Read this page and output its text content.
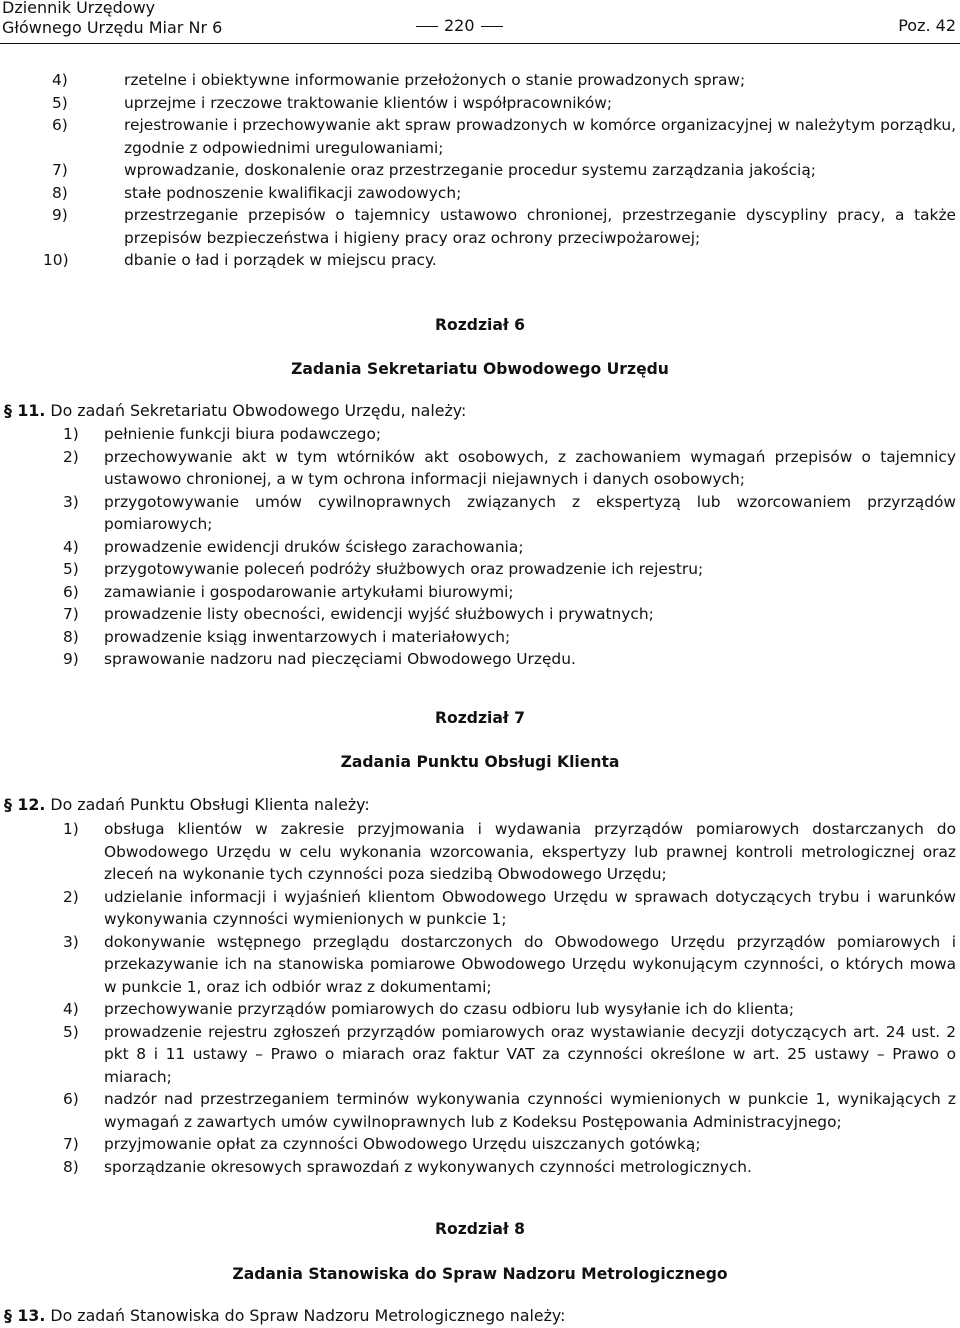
Dziennik Urzędowy
Głównego Urzędu Miar Nr 6	220	Poz. 42
4)	rzetelne i obiektywne informowanie przełożonych o stanie prowadzonych spraw;
5)	uprzejme i rzeczowe traktowanie klientów i współpracowników;
6)	rejestrowanie i przechowywanie akt spraw prowadzonych w komórce organizacyjnej w należytym porządku, zgodnie z odpowiednimi uregulowaniami;
7)	wprowadzanie, doskonalenie oraz przestrzeganie procedur systemu zarządzania jakością;
8)	stałe podnoszenie kwalifikacji zawodowych;
9)	przestrzeganie przepisów o tajemnicy ustawowo chronionej, przestrzeganie dyscypliny pracy, a także przepisów bezpieczeństwa i higieny pracy oraz ochrony przeciwpożarowej;
10)	dbanie o ład i porządek w miejscu pracy.
Rozdział 6
Zadania Sekretariatu Obwodowego Urzędu
§ 11. Do zadań Sekretariatu Obwodowego Urzędu, należy:
1) pełnienie funkcji biura podawczego;
2) przechowywanie akt w tym wtórników akt osobowych, z zachowaniem wymagań przepisów o tajemnicy ustawowo chronionej, a w tym ochrona informacji niejawnych i danych osobowych;
3) przygotowywanie umów cywilnoprawnych związanych z ekspertyzą lub wzorcowaniem przyrządów pomiarowych;
4) prowadzenie ewidencji druków ścisłego zarachowania;
5) przygotowywanie poleceń podróży służbowych oraz prowadzenie ich rejestru;
6) zamawianie i gospodarowanie artykułami biurowymi;
7) prowadzenie listy obecności, ewidencji wyjść służbowych i prywatnych;
8) prowadzenie ksiąg inwentarzowych i materiałowych;
9) sprawowanie nadzoru nad pieczęciami Obwodowego Urzędu.
Rozdział 7
Zadania Punktu Obsługi Klienta
§ 12. Do zadań Punktu Obsługi Klienta należy:
1) obsługa klientów w zakresie przyjmowania i wydawania przyrządów pomiarowych dostarczanych do Obwodowego Urzędu w celu wykonania wzorcowania, ekspertyzy lub prawnej kontroli metrologicznej oraz zleceń na wykonanie tych czynności poza siedzibą Obwodowego Urzędu;
2) udzielanie informacji i wyjaśnień klientom Obwodowego Urzędu w sprawach dotyczących trybu i warunków wykonywania czynności wymienionych w punkcie 1;
3) dokonywanie wstępnego przeglądu dostarczonych do Obwodowego Urzędu przyrządów pomiarowych i przekazywanie ich na stanowiska pomiarowe Obwodowego Urzędu wykonującym czynności, o których mowa w punkcie 1, oraz ich odbiór wraz z dokumentami;
4) przechowywanie przyrządów pomiarowych do czasu odbioru lub wysyłanie ich do klienta;
5) prowadzenie rejestru zgłoszeń przyrządów pomiarowych oraz wystawianie decyzji dotyczących art. 24 ust. 2 pkt 8 i 11 ustawy – Prawo o miarach oraz faktur VAT za czynności określone w art. 25 ustawy – Prawo o miarach;
6) nadzór nad przestrzeganiem terminów wykonywania czynności wymienionych w punkcie 1, wynikających z wymagań z zawartych umów cywilnoprawnych lub z Kodeksu Postępowania Administracyjnego;
7) przyjmowanie opłat za czynności Obwodowego Urzędu uiszczanych gotówką;
8) sporządzanie okresowych sprawozdań z wykonywanych czynności metrologicznych.
Rozdział 8
Zadania Stanowiska do Spraw Nadzoru Metrologicznego
§ 13. Do zadań Stanowiska do Spraw Nadzoru Metrologicznego należy:
